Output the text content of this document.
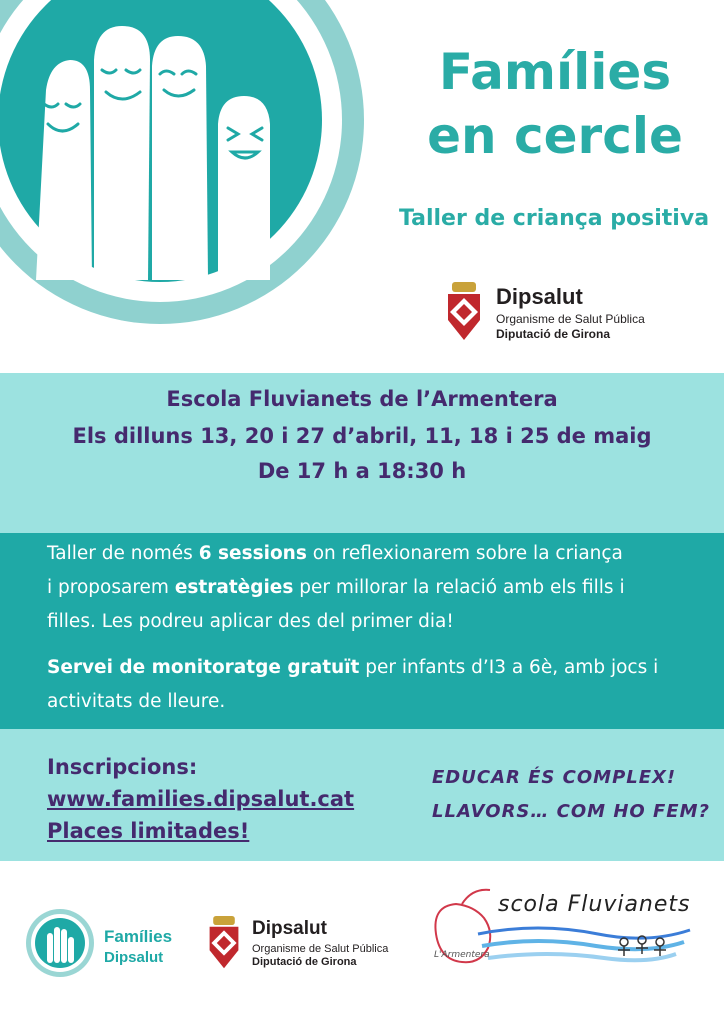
Famílies
en cercle
Taller de criança positiva
Dipsalut
Organisme de Salut Pública
Diputació de Girona
Escola Fluvianets de l’Armentera
Els dilluns 13, 20 i 27 d’abril, 11, 18 i 25 de maig
De 17 h a 18:30 h
Taller de només 6 sessions on reflexionarem sobre la criança
i proposarem estratègies per millorar la relació amb els fills i
filles. Les podreu aplicar des del primer dia!
Servei de monitoratge gratuït per infants d’I3 a 6è, amb jocs i
activitats de lleure.
Inscripcions:
www.families.dipsalut.cat
Places limitades!
EDUCAR ÉS COMPLEX!
LLAVORS… COM HO FEM?
Famílies
Dipsalut
Dipsalut
Organisme de Salut Pública
Diputació de Girona
scola Fluvianets
L'Armentera
